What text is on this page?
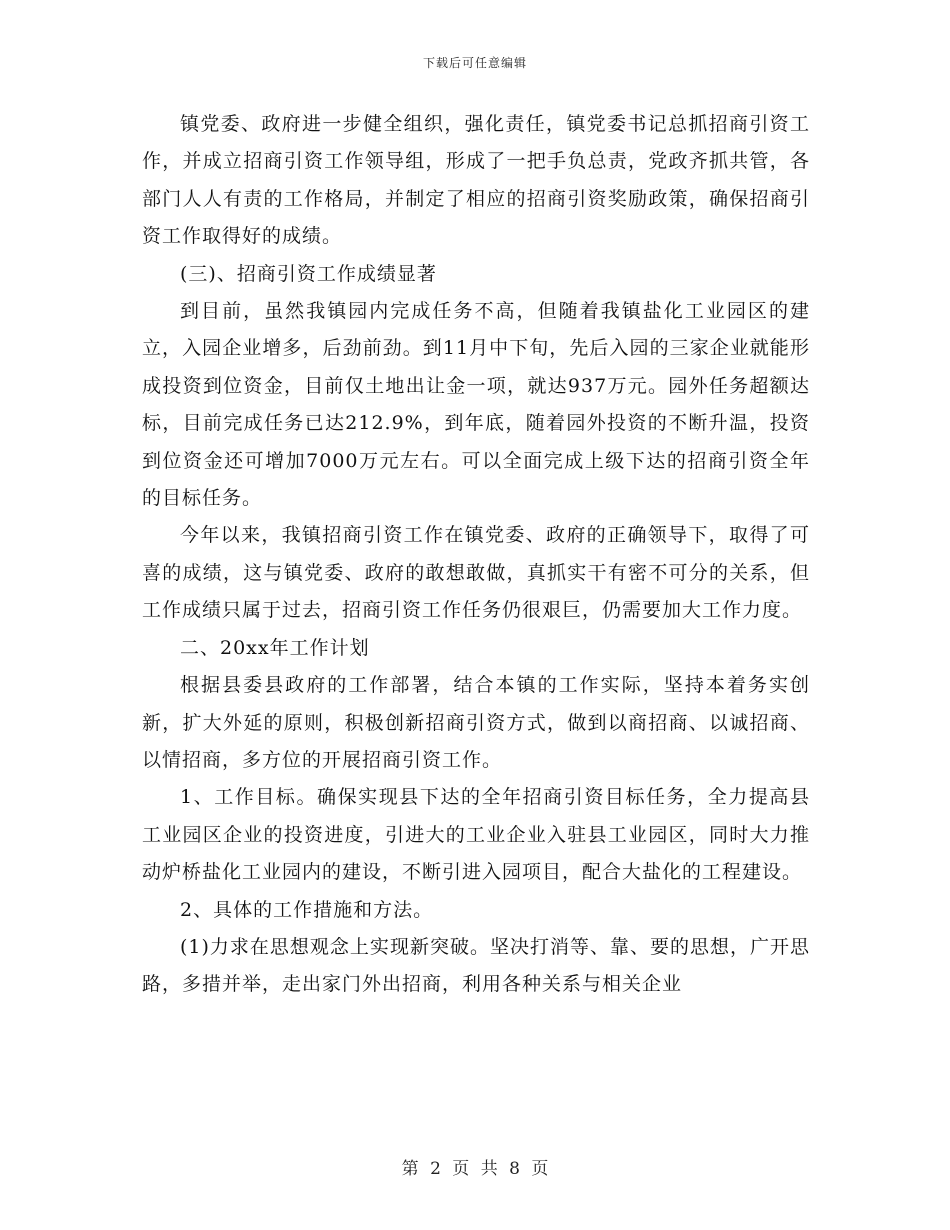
下载后可任意编辑

镇党委、政府进一步健全组织，强化责任，镇党委书记总抓招商引资工作，并成立招商引资工作领导组，形成了一把手负总责，党政齐抓共管，各部门人人有责的工作格局，并制定了相应的招商引资奖励政策，确保招商引资工作取得好的成绩。

(三)、招商引资工作成绩显著

到目前，虽然我镇园内完成任务不高，但随着我镇盐化工业园区的建立，入园企业增多，后劲前劲。到11月中下旬，先后入园的三家企业就能形成投资到位资金，目前仅土地出让金一项，就达937万元。园外任务超额达标，目前完成任务已达212.9%，到年底，随着园外投资的不断升温，投资到位资金还可增加7000万元左右。可以全面完成上级下达的招商引资全年的目标任务。

今年以来，我镇招商引资工作在镇党委、政府的正确领导下，取得了可喜的成绩，这与镇党委、政府的敢想敢做，真抓实干有密不可分的关系，但工作成绩只属于过去，招商引资工作任务仍很艰巨，仍需要加大工作力度。

二、20xx年工作计划

根据县委县政府的工作部署，结合本镇的工作实际，坚持本着务实创新，扩大外延的原则，积极创新招商引资方式，做到以商招商、以诚招商、以情招商，多方位的开展招商引资工作。

1、工作目标。确保实现县下达的全年招商引资目标任务，全力提高县工业园区企业的投资进度，引进大的工业企业入驻县工业园区，同时大力推动炉桥盐化工业园内的建设，不断引进入园项目，配合大盐化的工程建设。

2、具体的工作措施和方法。

(1)力求在思想观念上实现新突破。坚决打消等、靠、要的思想，广开思路，多措并举，走出家门外出招商，利用各种关系与相关企业

第 2 页 共 8 页
